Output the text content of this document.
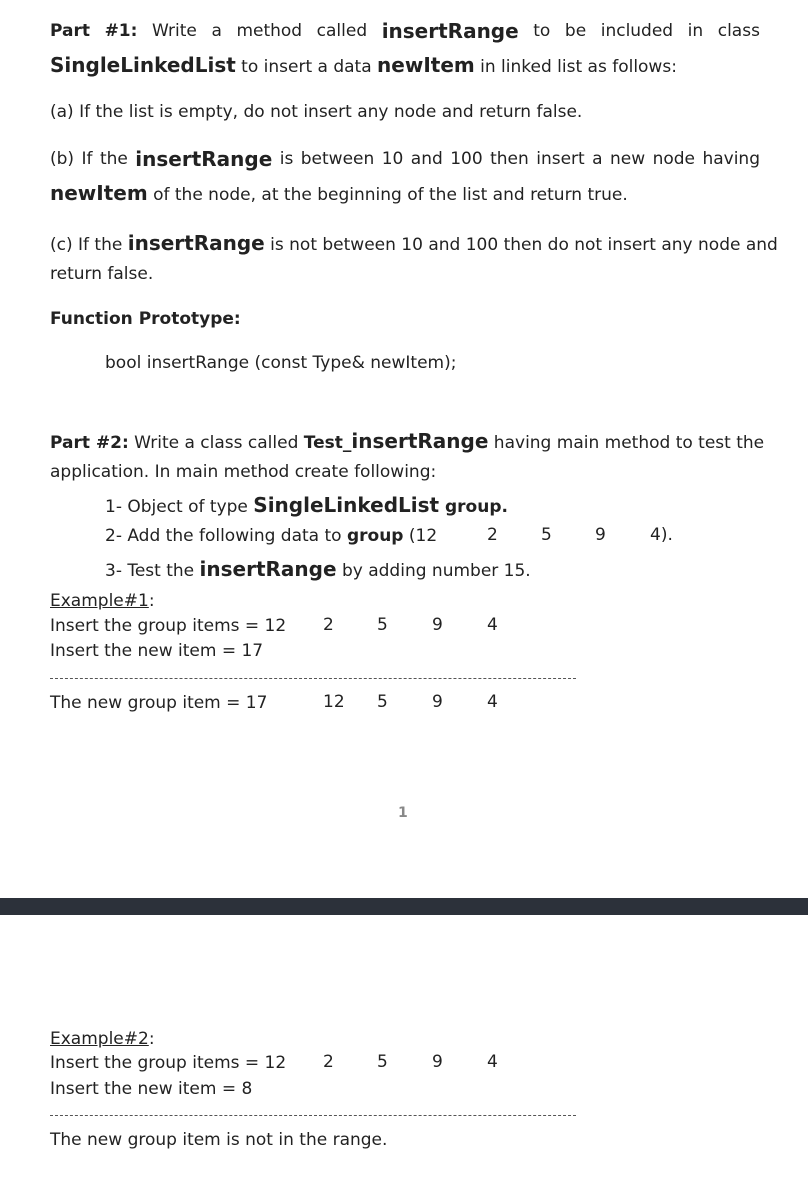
Part #1: Write a method called insertRange to be included in class
SingleLinkedList to insert a data newItem in linked list as follows:
(a) If the list is empty, do not insert any node and return false.
(b) If the insertRange is between 10 and 100 then insert a new node having
newItem of the node, at the beginning of the list and return true.
(c) If the insertRange is not between 10 and 100 then do not insert any node and
return false.
Function Prototype:
bool insertRange (const Type& newItem);
Part #2: Write a class called Test_insertRange having main method to test the
application. In main method create following:
1- Object of type SingleLinkedList group.
2- Add the following data to group (12	2	5	9	4).
3- Test the insertRange by adding number 15.
Example#1:
Insert the group items = 12 2	5	9	4
Insert the new item = 17
The new group item = 17	12 5	9	4
1
Example#2:
Insert the group items = 12 2	5	9	4
Insert the new item = 8
The new group item is not in the range.
